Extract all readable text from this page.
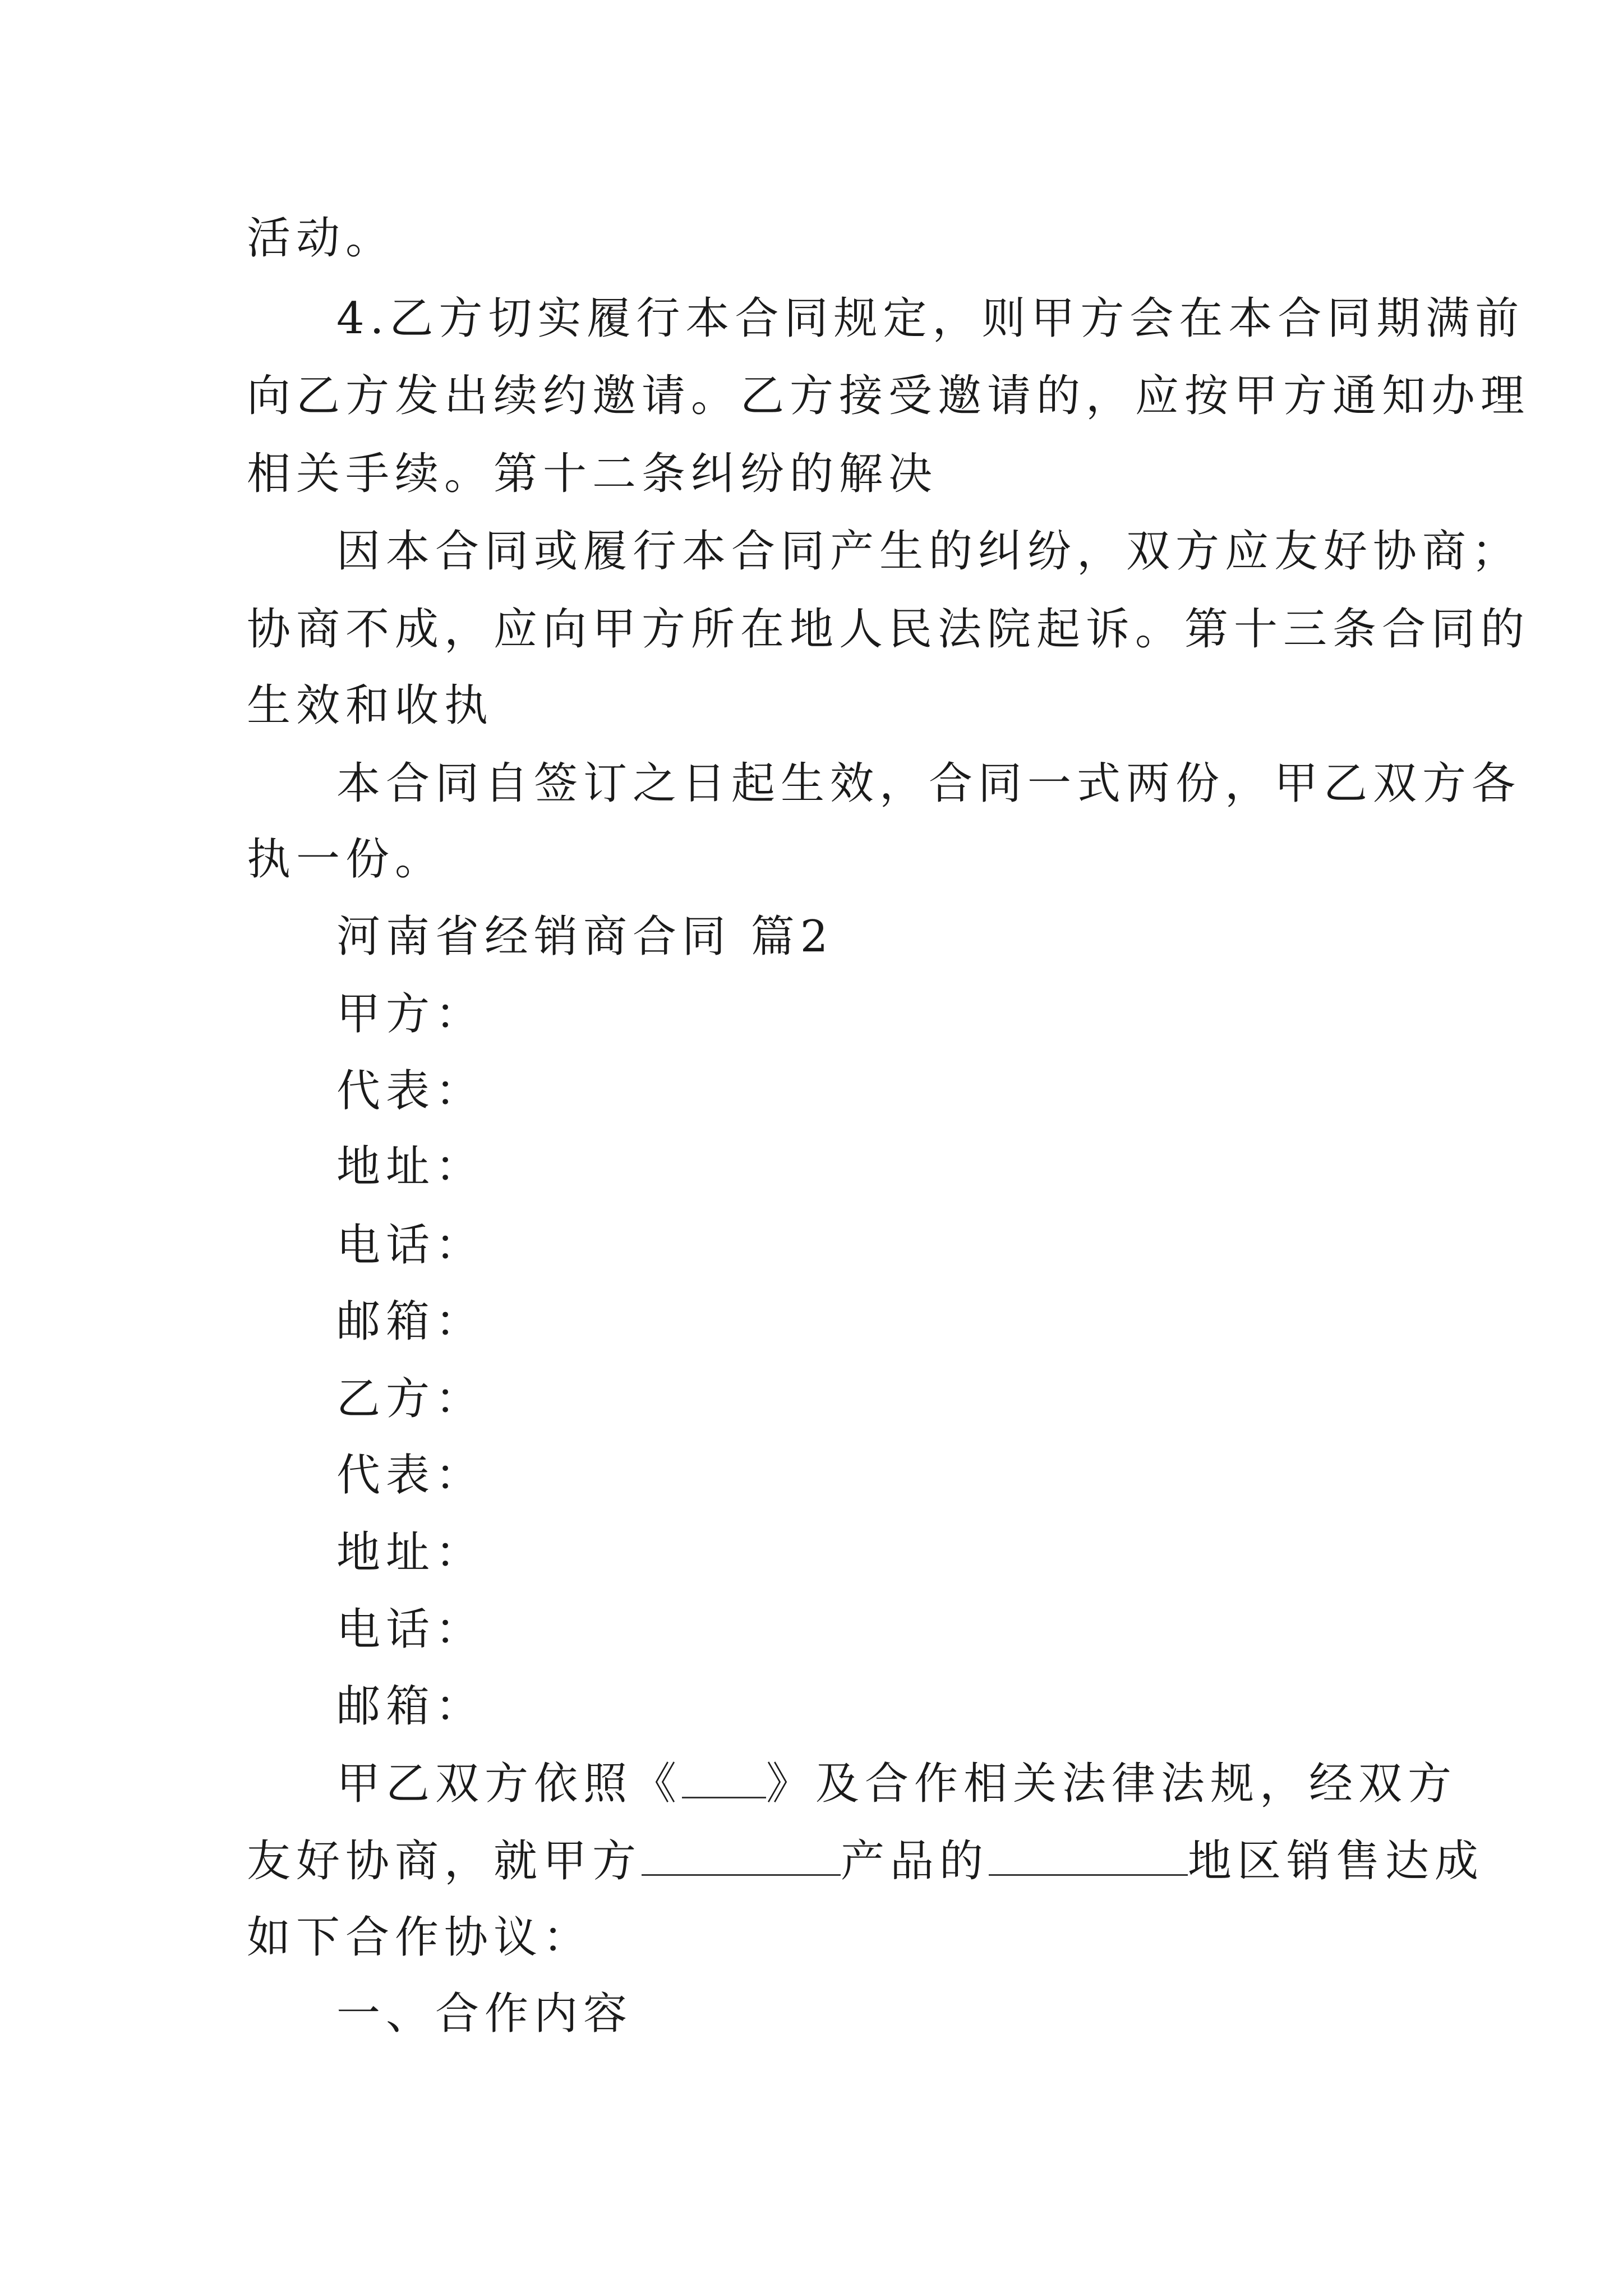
活动。
4.乙方切实履行本合同规定，则甲方会在本合同期满前
向乙方发出续约邀请。乙方接受邀请的，应按甲方通知办理
相关手续。第十二条纠纷的解决
因本合同或履行本合同产生的纠纷，双方应友好协商；
协商不成，应向甲方所在地人民法院起诉。第十三条合同的
生效和收执
本合同自签订之日起生效，合同一式两份，甲乙双方各
执一份。
河南省经销商合同 篇2
甲方：
代表：
地址：
电话：
邮箱：
乙方：
代表：
地址：
电话：
邮箱：
甲乙双方依照《 》及合作相关法律法规，经双方
友好协商，就甲方	产品的	地区销售达成
如下合作协议：
一、合作内容
